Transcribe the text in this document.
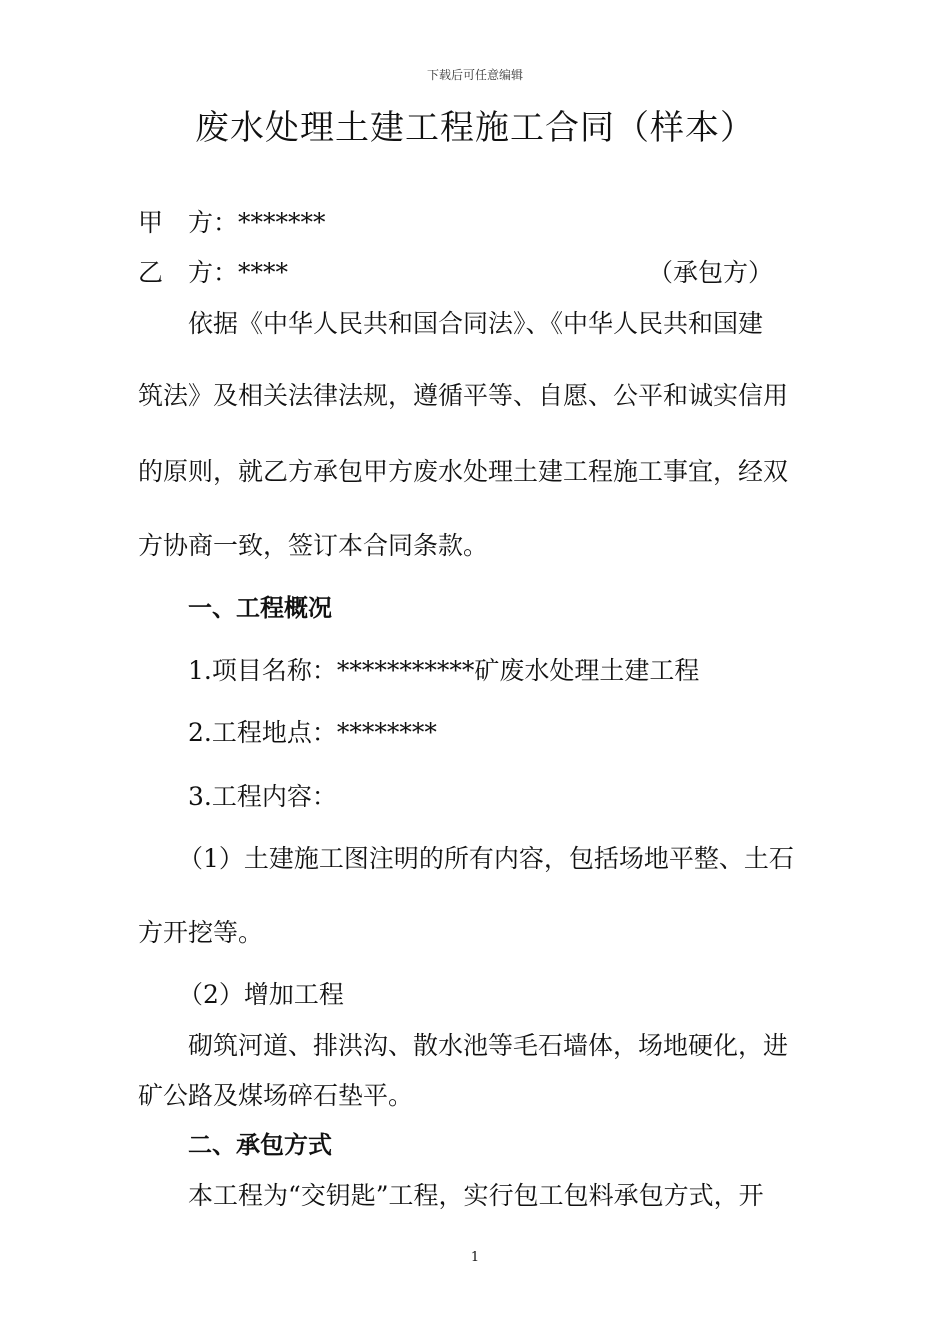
下载后可任意编辑
废水处理土建工程施工合同（样本）
甲　方：*******
乙　方：****	（承包方）
依据《中华人民共和国合同法》、《中华人民共和国建
筑法》及相关法律法规，遵循平等、自愿、公平和诚实信用
的原则，就乙方承包甲方废水处理土建工程施工事宜，经双
方协商一致，签订本合同条款。
一、工程概况
1.项目名称：***********矿废水处理土建工程
2.工程地点：********
3.工程内容：
（1）土建施工图注明的所有内容，包括场地平整、土石
方开挖等。
（2）增加工程
砌筑河道、排洪沟、散水池等毛石墙体，场地硬化，进
矿公路及煤场碎石垫平。
二、承包方式
本工程为“交钥匙”工程，实行包工包料承包方式，开
1
